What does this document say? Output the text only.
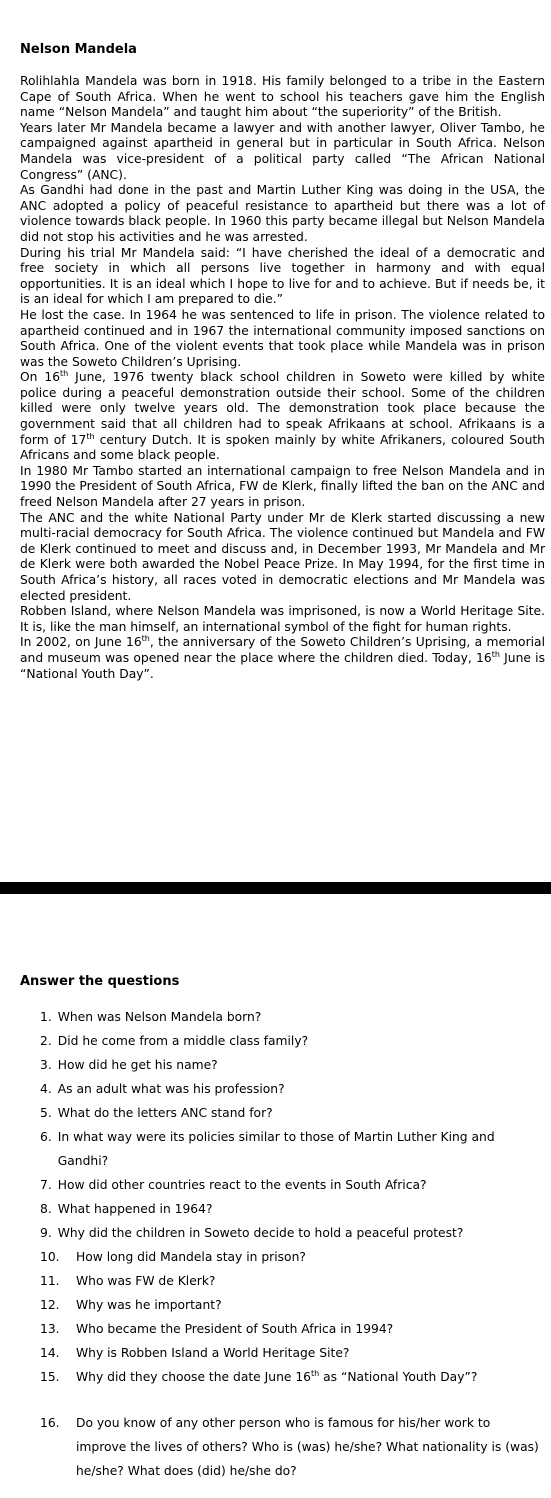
Nelson Mandela

Rolihlahla Mandela was born in 1918. His family belonged to a tribe in the Eastern Cape of South Africa. When he went to school his teachers gave him the English name “Nelson Mandela” and taught him about “the superiority” of the British.

Years later Mr Mandela became a lawyer and with another lawyer, Oliver Tambo, he campaigned against apartheid in general but in particular in South Africa. Nelson Mandela was vice-president of a political party called “The African National Congress” (ANC).

As Gandhi had done in the past and Martin Luther King was doing in the USA, the ANC adopted a policy of peaceful resistance to apartheid but there was a lot of violence towards black people. In 1960 this party became illegal but Nelson Mandela did not stop his activities and he was arrested.

During his trial Mr Mandela said: “I have cherished the ideal of a democratic and free society in which all persons live together in harmony and with equal opportunities. It is an ideal which I hope to live for and to achieve. But if needs be, it is an ideal for which I am prepared to die.”

He lost the case. In 1964 he was sentenced to life in prison. The violence related to apartheid continued and in 1967 the international community imposed sanctions on South Africa. One of the violent events that took place while Mandela was in prison was the Soweto Children’s Uprising.

On 16th June, 1976 twenty black school children in Soweto were killed by white police during a peaceful demonstration outside their school. Some of the children killed were only twelve years old. The demonstration took place because the government said that all children had to speak Afrikaans at school. Afrikaans is a form of 17th century Dutch. It is spoken mainly by white Afrikaners, coloured South Africans and some black people.

In 1980 Mr Tambo started an international campaign to free Nelson Mandela and in 1990 the President of South Africa, FW de Klerk, finally lifted the ban on the ANC and freed Nelson Mandela after 27 years in prison.

The ANC and the white National Party under Mr de Klerk started discussing a new multi-racial democracy for South Africa. The violence continued but Mandela and FW de Klerk continued to meet and discuss and, in December 1993, Mr Mandela and Mr de Klerk were both awarded the Nobel Peace Prize. In May 1994, for the first time in South Africa’s history, all races voted in democratic elections and Mr Mandela was elected president.

Robben Island, where Nelson Mandela was imprisoned, is now a World Heritage Site. It is, like the man himself, an international symbol of the fight for human rights.

In 2002, on June 16th, the anniversary of the Soweto Children’s Uprising, a memorial and museum was opened near the place where the children died. Today, 16th June is “National Youth Day”.

Answer the questions
1. When was Nelson Mandela born?
2. Did he come from a middle class family?
3. How did he get his name?
4. As an adult what was his profession?
5. What do the letters ANC stand for?
6. In what way were its policies similar to those of Martin Luther King and Gandhi?
7. How did other countries react to the events in South Africa?
8. What happened in 1964?
9. Why did the children in Soweto decide to hold a peaceful protest?
10.	How long did Mandela stay in prison?
11.	Who was FW de Klerk?
12.	Why was he important?
13.	Who became the President of South Africa in 1994?
14.	Why is Robben Island a World Heritage Site?
15.	Why did they choose the date June 16th as “National Youth Day”?
16.	Do you know of any other person who is famous for his/her work to improve the lives of others? Who is (was) he/she? What nationality is (was) he/she? What does (did) he/she do?
